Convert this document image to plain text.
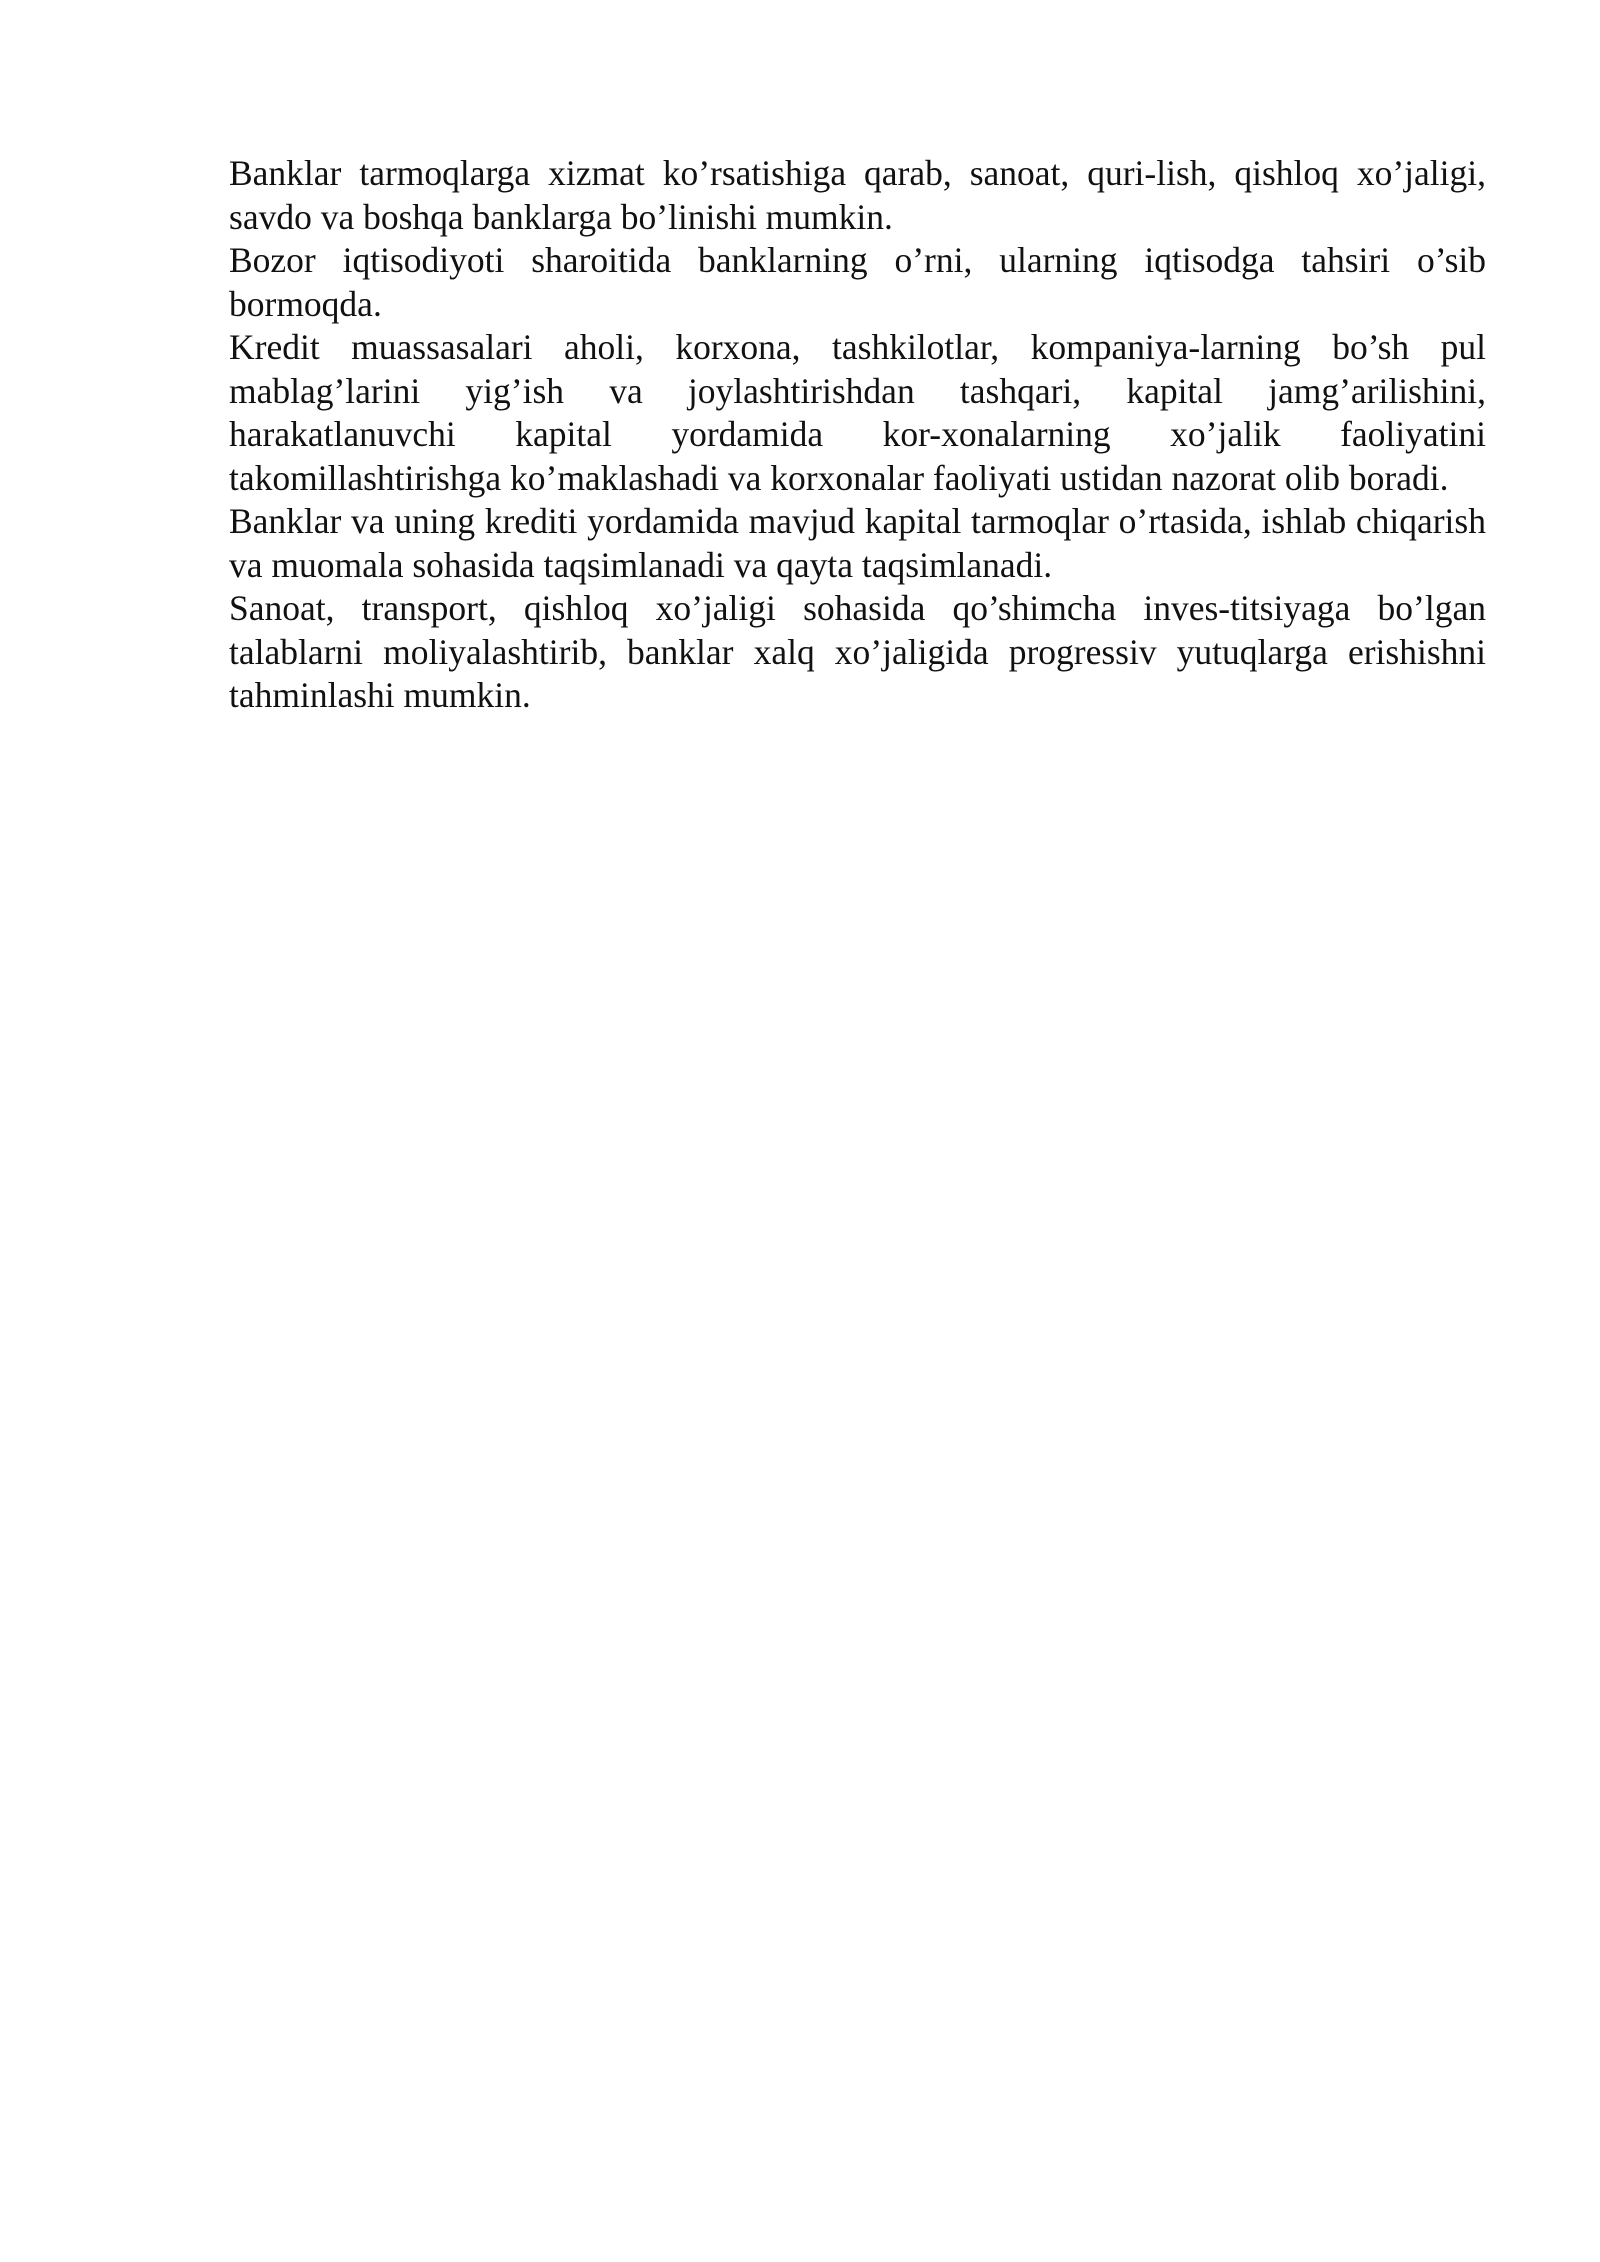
Banklar tarmoqlarga xizmat ko’rsatishiga qarab, sanoat, quri-lish, qishloq xo’jaligi, savdo va boshqa banklarga bo’linishi mumkin.

Bozor iqtisodiyoti sharoitida banklarning o’rni, ularning iqtisodga tahsiri o’sib bormoqda.

Kredit muassasalari aholi, korxona, tashkilotlar, kompaniya-larning bo’sh pul mablag’larini yig’ish va joylashtirishdan tashqari, kapital jamg’arilishini, harakatlanuvchi kapital yordamida kor-xonalarning xo’jalik faoliyatini takomillashtirishga ko’maklashadi va korxonalar faoliyati ustidan nazorat olib boradi.

Banklar va uning krediti yordamida mavjud kapital tarmoqlar o’rtasida, ishlab chiqarish va muomala sohasida taqsimlanadi va qayta taqsimlanadi.

Sanoat, transport, qishloq xo’jaligi sohasida qo’shimcha inves-titsiyaga bo’lgan talablarni moliyalashtirib, banklar xalq xo’jaligida progressiv yutuqlarga erishishni tahminlashi mumkin.
